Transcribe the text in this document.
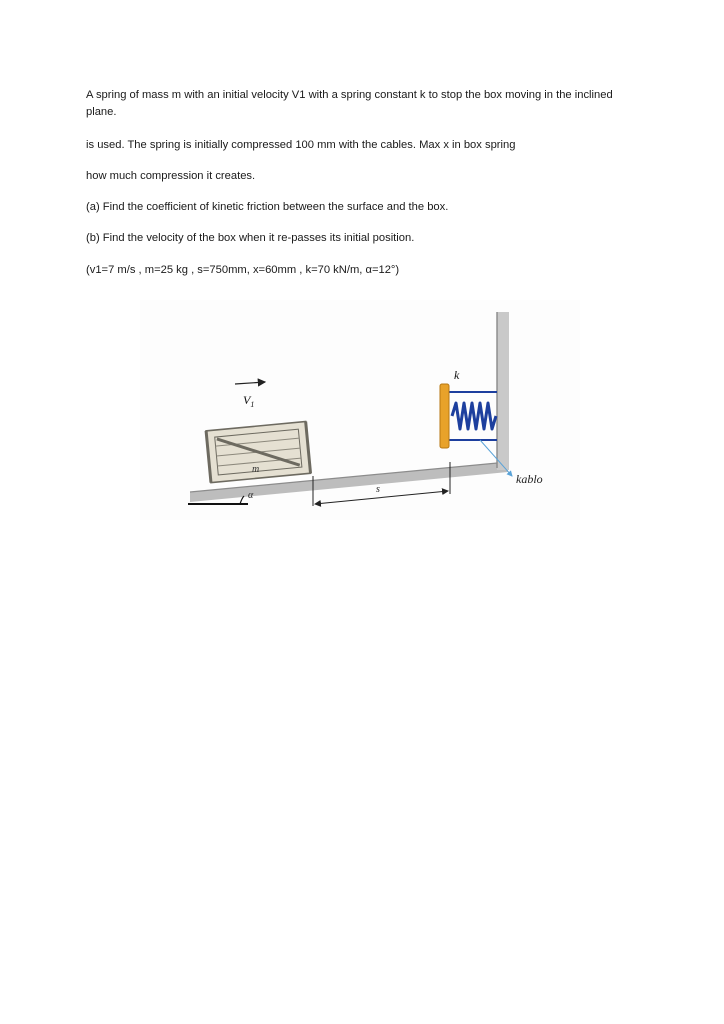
A spring of mass m with an initial velocity V1 with a spring constant k to stop the box moving in the inclined plane.

is used. The spring is initially compressed 100 mm with the cables. Max x in box spring

how much compression it creates.

(a) Find the coefficient of kinetic friction between the surface and the box.

(b) Find the velocity of the box when it re-passes its initial position.

(v1=7 m/s , m=25 kg , s=750mm, x=60mm , k=70 kN/m, α=12°)

$V_1$
m
α
s
k
kablo
